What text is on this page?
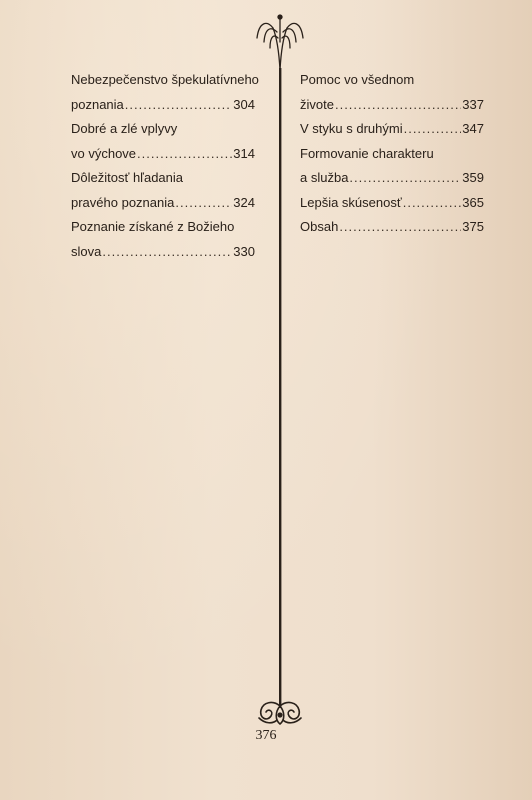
Nebezpečenstvo špekulatívneho
poznania .....	304
Dobré a zlé vplyvy
vo výchove .....	314
Dôležitosť hľadania
pravého poznania .....	324
Poznanie získané z Božieho
slova .....	330
Pomoc vo všednom
živote .....	337
V styku s druhými .....	347
Formovanie charakteru
a služba .....	359
Lepšia skúsenosť .....	365
Obsah .....	375
376
